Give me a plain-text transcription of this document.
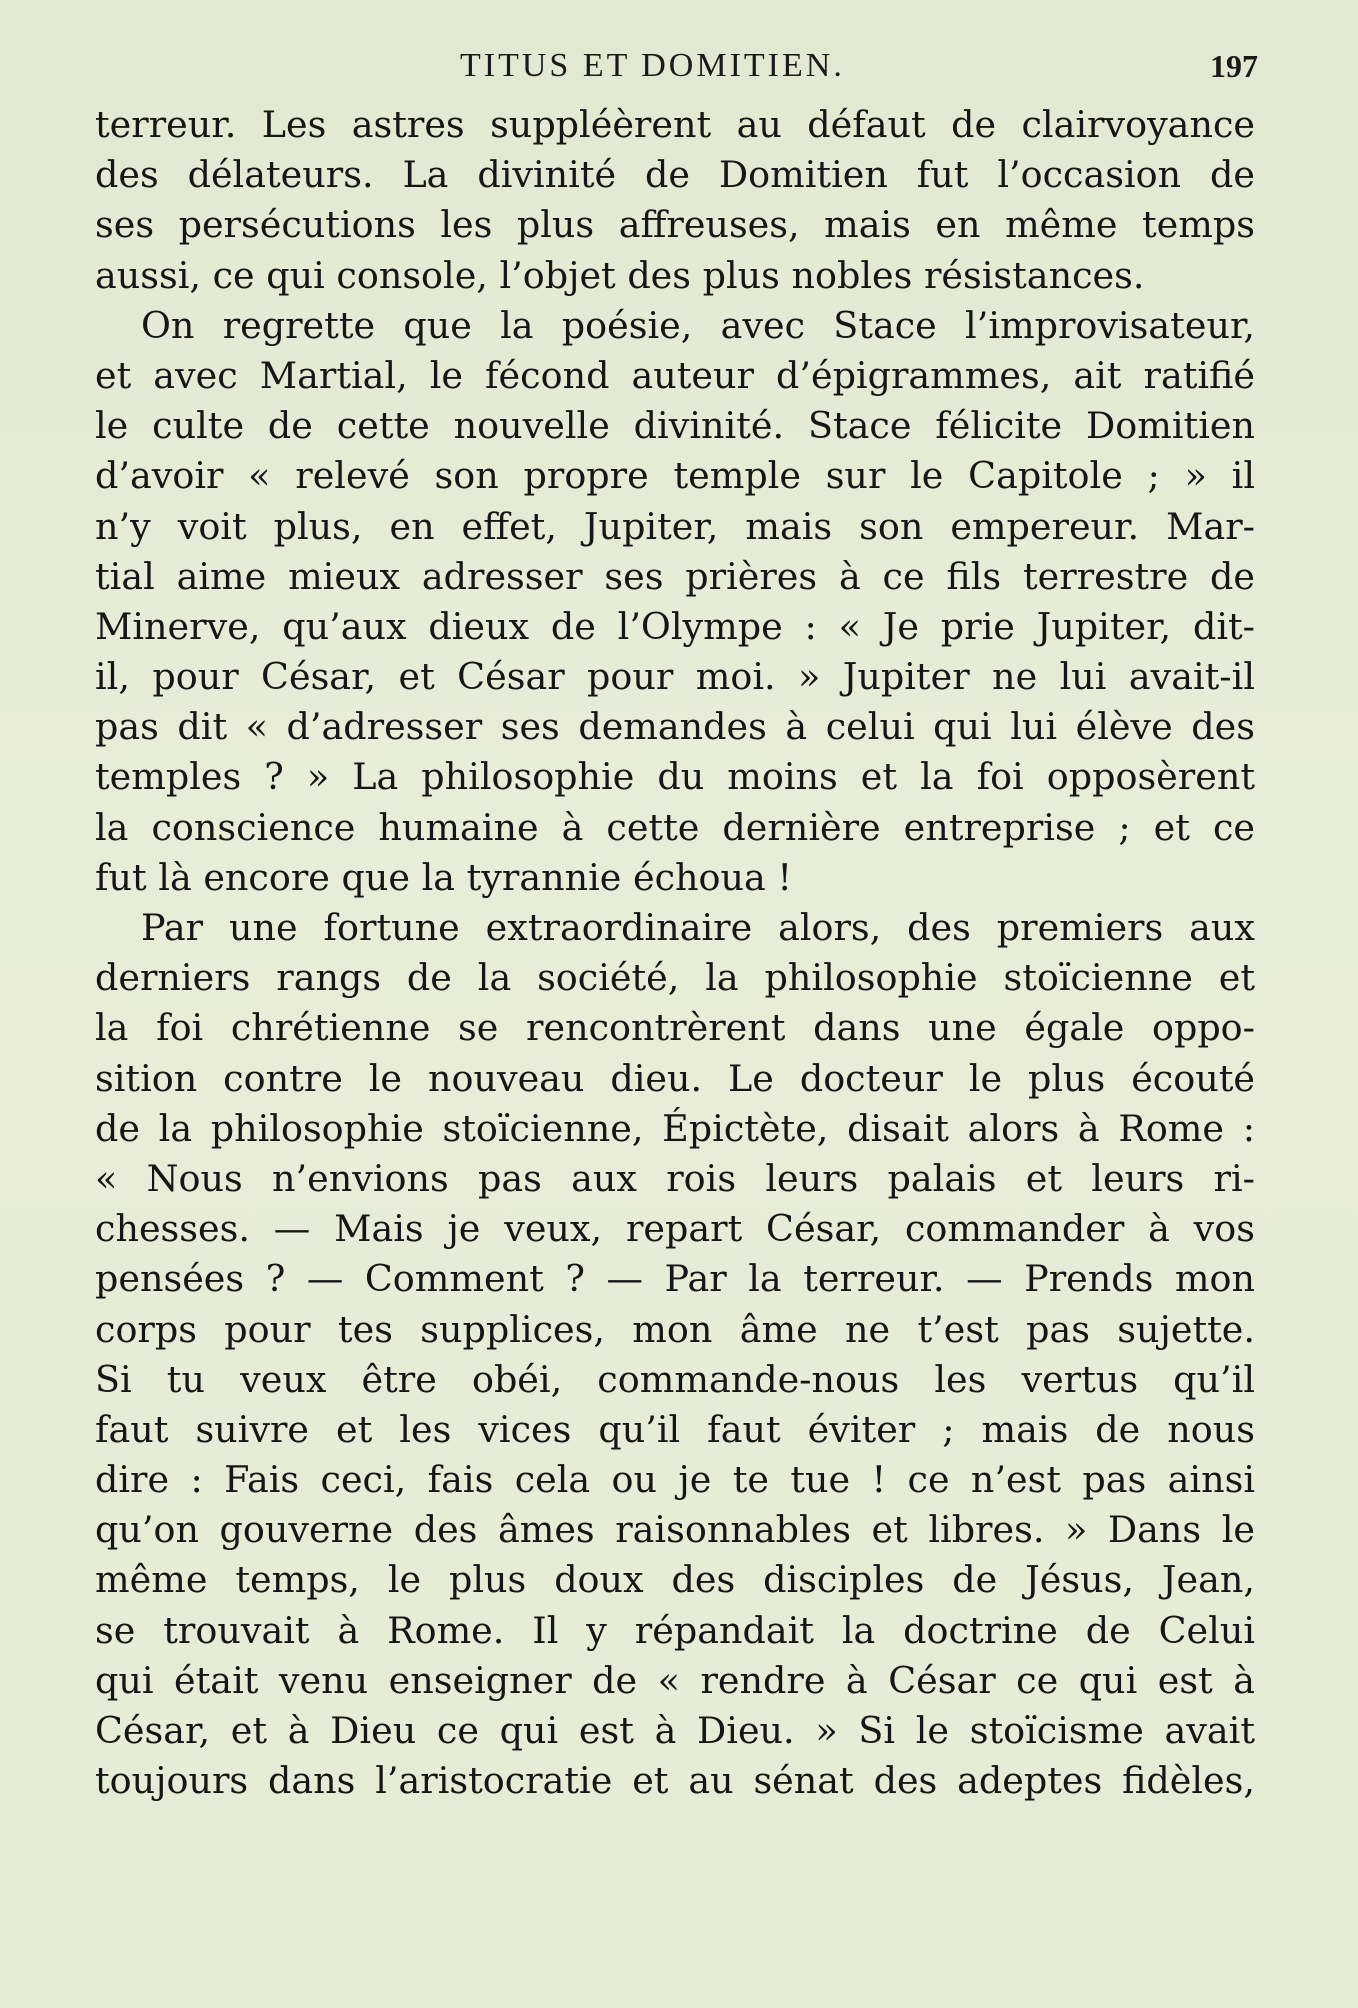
TITUS ET DOMITIEN.	197
terreur. Les astres suppléèrent au défaut de clairvoyance
des délateurs. La divinité de Domitien fut l’occasion de
ses persécutions les plus affreuses, mais en même temps
aussi, ce qui console, l’objet des plus nobles résistances.
On regrette que la poésie, avec Stace l’improvisateur,
et avec Martial, le fécond auteur d’épigrammes, ait ratifié
le culte de cette nouvelle divinité. Stace félicite Domitien
d’avoir « relevé son propre temple sur le Capitole ; » il
n’y voit plus, en effet, Jupiter, mais son empereur. Mar-
tial aime mieux adresser ses prières à ce fils terrestre de
Minerve, qu’aux dieux de l’Olympe : « Je prie Jupiter, dit-
il, pour César, et César pour moi. » Jupiter ne lui avait-il
pas dit « d’adresser ses demandes à celui qui lui élève des
temples ? » La philosophie du moins et la foi opposèrent
la conscience humaine à cette dernière entreprise ; et ce
fut là encore que la tyrannie échoua !
Par une fortune extraordinaire alors, des premiers aux
derniers rangs de la société, la philosophie stoïcienne et
la foi chrétienne se rencontrèrent dans une égale oppo-
sition contre le nouveau dieu. Le docteur le plus écouté
de la philosophie stoïcienne, Épictète, disait alors à Rome :
« Nous n’envions pas aux rois leurs palais et leurs ri-
chesses. — Mais je veux, repart César, commander à vos
pensées ? — Comment ? — Par la terreur. — Prends mon
corps pour tes supplices, mon âme ne t’est pas sujette.
Si tu veux être obéi, commande-nous les vertus qu’il
faut suivre et les vices qu’il faut éviter ; mais de nous
dire : Fais ceci, fais cela ou je te tue ! ce n’est pas ainsi
qu’on gouverne des âmes raisonnables et libres. » Dans le
même temps, le plus doux des disciples de Jésus, Jean,
se trouvait à Rome. Il y répandait la doctrine de Celui
qui était venu enseigner de « rendre à César ce qui est à
César, et à Dieu ce qui est à Dieu. » Si le stoïcisme avait
toujours dans l’aristocratie et au sénat des adeptes fidèles,
